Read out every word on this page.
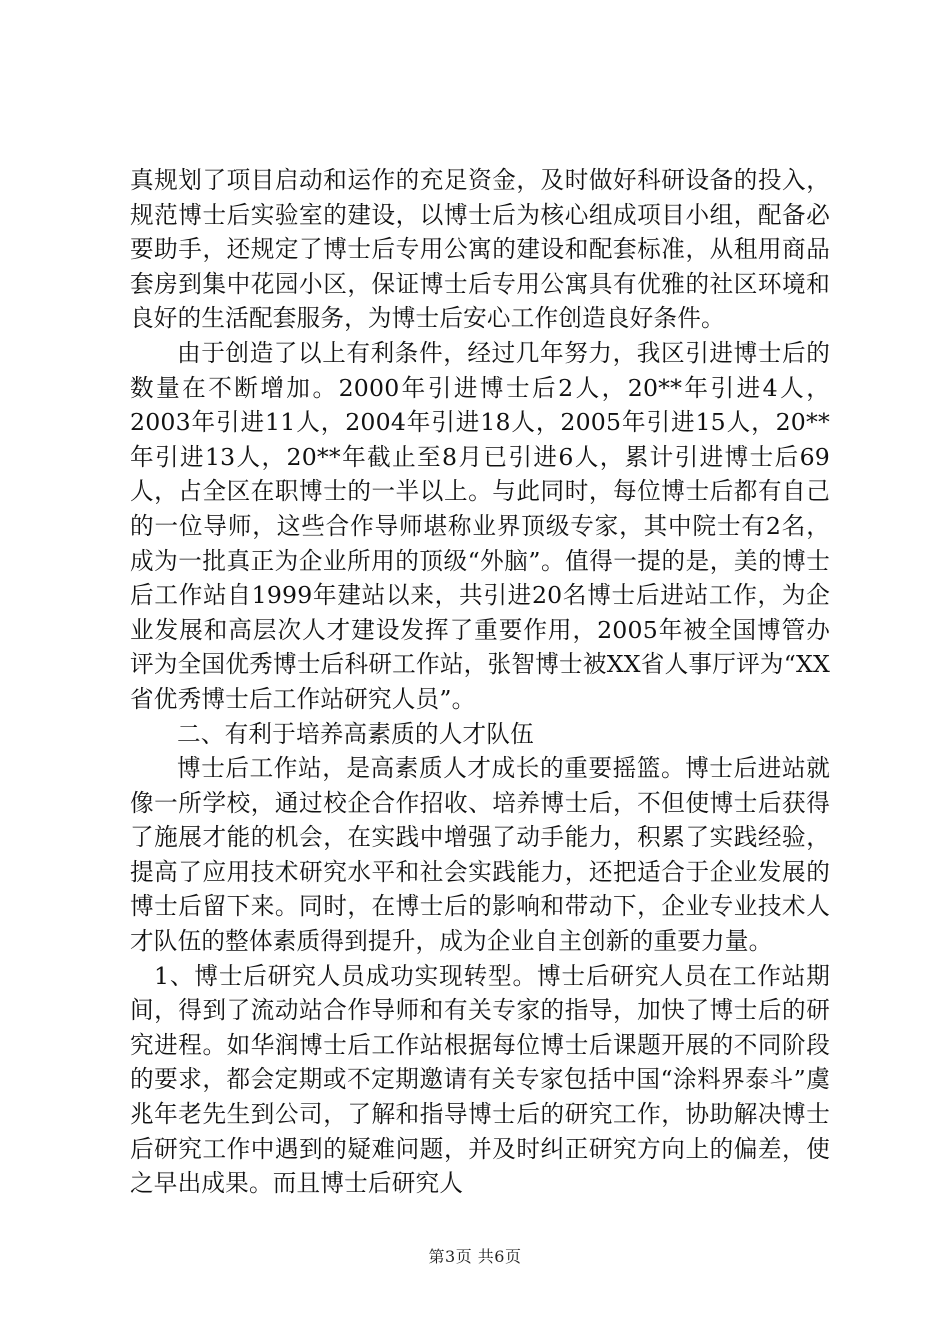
真规划了项目启动和运作的充足资金，及时做好科研设备的投入，规范博士后实验室的建设，以博士后为核心组成项目小组，配备必要助手，还规定了博士后专用公寓的建设和配套标准，从租用商品套房到集中花园小区，保证博士后专用公寓具有优雅的社区环境和良好的生活配套服务，为博士后安心工作创造良好条件。

由于创造了以上有利条件，经过几年努力，我区引进博士后的数量在不断增加。2000年引进博士后2人，20**年引进4人，2003年引进11人，2004年引进18人，2005年引进15人，20**年引进13人，20**年截止至8月已引进6人，累计引进博士后69人，占全区在职博士的一半以上。与此同时，每位博士后都有自己的一位导师，这些合作导师堪称业界顶级专家，其中院士有2名，成为一批真正为企业所用的顶级“外脑”。值得一提的是，美的博士后工作站自1999年建站以来，共引进20名博士后进站工作，为企业发展和高层次人才建设发挥了重要作用，2005年被全国博管办评为全国优秀博士后科研工作站，张智博士被XX省人事厅评为“XX省优秀博士后工作站研究人员”。

二、有利于培养高素质的人才队伍

博士后工作站，是高素质人才成长的重要摇篮。博士后进站就像一所学校，通过校企合作招收、培养博士后，不但使博士后获得了施展才能的机会，在实践中增强了动手能力，积累了实践经验，提高了应用技术研究水平和社会实践能力，还把适合于企业发展的博士后留下来。同时，在博士后的影响和带动下，企业专业技术人才队伍的整体素质得到提升，成为企业自主创新的重要力量。

1、博士后研究人员成功实现转型。博士后研究人员在工作站期间，得到了流动站合作导师和有关专家的指导，加快了博士后的研究进程。如华润博士后工作站根据每位博士后课题开展的不同阶段的要求，都会定期或不定期邀请有关专家包括中国“涂料界泰斗”虞兆年老先生到公司，了解和指导博士后的研究工作，协助解决博士后研究工作中遇到的疑难问题，并及时纠正研究方向上的偏差，使之早出成果。而且博士后研究人

第3页 共6页
